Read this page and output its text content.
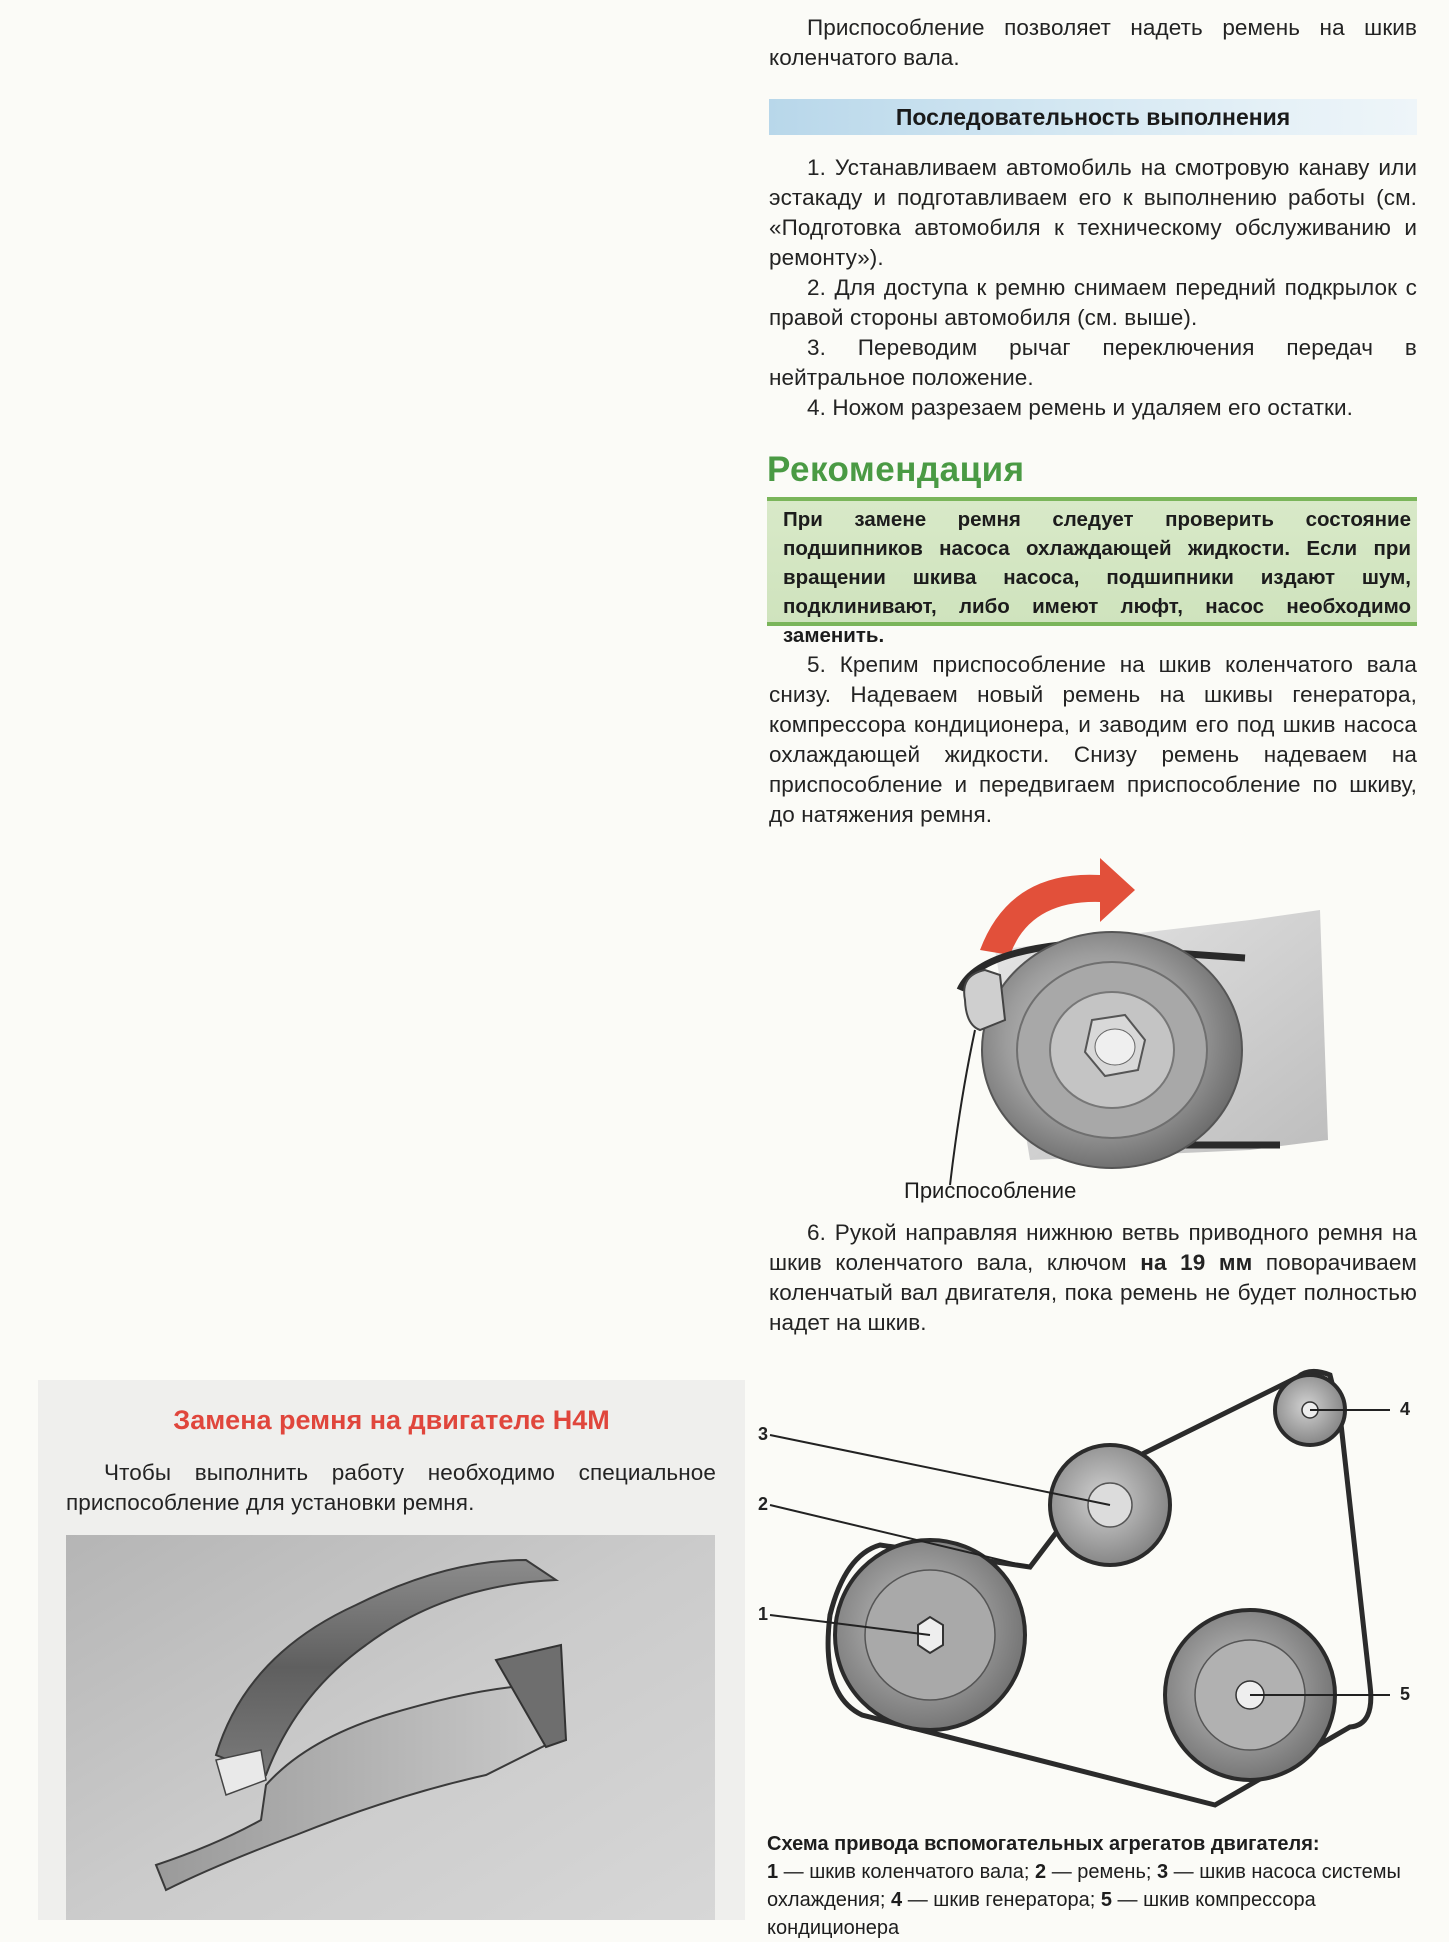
Приспособление позволяет надеть ремень на шкив коленчатого вала.

Последовательность выполнения

1. Устанавливаем автомобиль на смотровую канаву или эстакаду и подготавливаем его к выполнению работы (см. «Подготовка автомобиля к техническому обслуживанию и ремонту»).

2. Для доступа к ремню снимаем передний подкрылок с правой стороны автомобиля (см. выше).

3. Переводим рычаг переключения передач в нейтральное положение.

4. Ножом разрезаем ремень и удаляем его остатки.

Рекомендация

При замене ремня следует проверить состояние подшипников насоса охлаждающей жидкости. Если при вращении шкива насоса, подшипники издают шум, подклинивают, либо имеют люфт, насос необходимо заменить.

5. Крепим приспособление на шкив коленчатого вала снизу. Надеваем новый ремень на шкивы генератора, компрессора кондиционера, и заводим его под шкив насоса охлаждающей жидкости. Снизу ремень надеваем на приспособление и передвигаем приспособление по шкиву, до натяжения ремня.

Приспособление

6. Рукой направляя нижнюю ветвь приводного ремня на шкив коленчатого вала, ключом на 19 мм поворачиваем коленчатый вал двигателя, пока ремень не будет полностью надет на шкив.

Замена ремня на двигателе H4M

Чтобы выполнить работу необходимо специальное приспособление для установки ремня.

3
2
1
4
5
Схема привода вспомогательных агрегатов двигателя:
1 — шкив коленчатого вала; 2 — ремень; 3 — шкив насоса системы охлаждения; 4 — шкив генератора; 5 — шкив компрессора кондиционера
